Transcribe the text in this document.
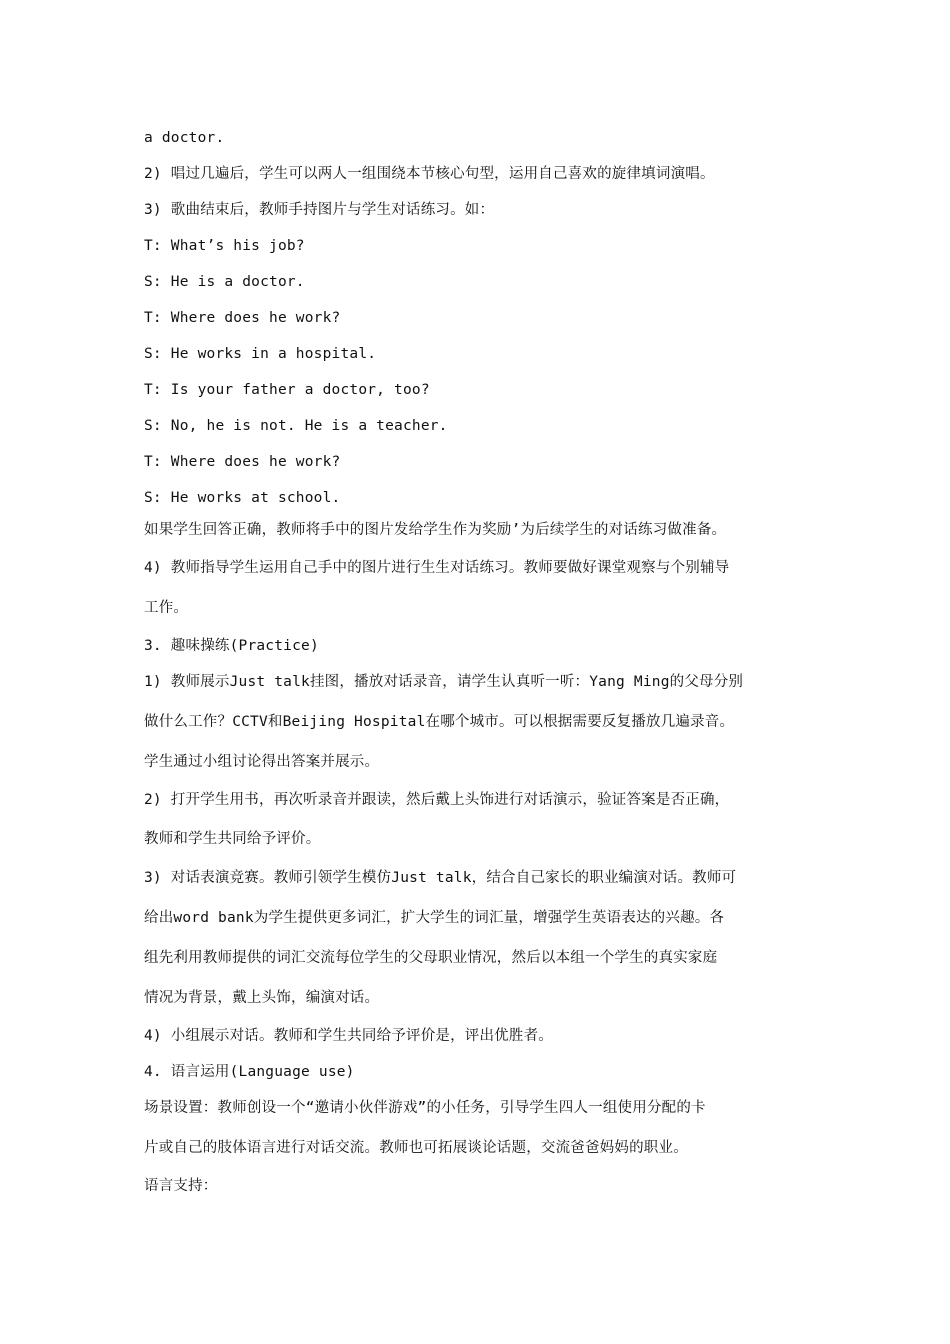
a doctor.
2) 唱过几遍后，学生可以两人一组围绕本节核心句型，运用自己喜欢的旋律填词演唱。
3) 歌曲结束后，教师手持图片与学生对话练习。如：
T: What’s his job?
S: He is a doctor.
T: Where does he work?
S: He works in a hospital.
T: Is your father a doctor, too?
S: No, he is not. He is a teacher.
T: Where does he work?
S: He works at school.
如果学生回答正确，教师将手中的图片发给学生作为奖励’为后续学生的对话练习做准备。
4) 教师指导学生运用自己手中的图片进行生生对话练习。教师要做好课堂观察与个别辅导
工作。
3. 趣味操练(Practice)
1) 教师展示Just talk挂图，播放对话录音，请学生认真听一听：Yang Ming的父母分别
做什么工作？CCTV和Beijing Hospital在哪个城市。可以根据需要反复播放几遍录音。
学生通过小组讨论得出答案并展示。
2) 打开学生用书，再次听录音并跟读，然后戴上头饰进行对话演示，验证答案是否正确，
教师和学生共同给予评价。
3) 对话表演竞赛。教师引领学生模仿Just talk，结合自己家长的职业编演对话。教师可
给出word bank为学生提供更多词汇，扩大学生的词汇量，增强学生英语表达的兴趣。各
组先利用教师提供的词汇交流每位学生的父母职业情况，然后以本组一个学生的真实家庭
情况为背景，戴上头饰，编演对话。
4) 小组展示对话。教师和学生共同给予评价是，评出优胜者。
4. 语言运用(Language use)
场景设置：教师创设一个“邀请小伙伴游戏”的小任务，引导学生四人一组使用分配的卡
片或自己的肢体语言进行对话交流。教师也可拓展谈论话题，交流爸爸妈妈的职业。
语言支持：
